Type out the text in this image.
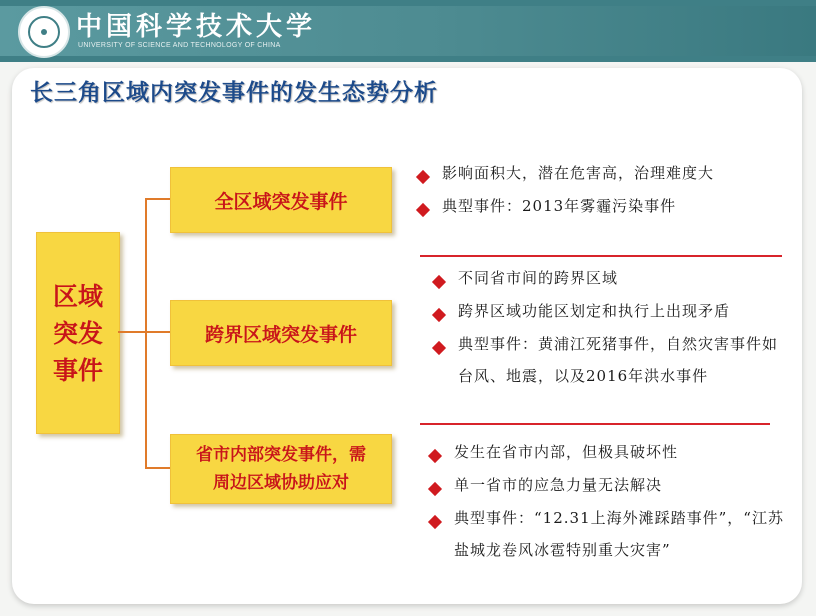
中国科学技术大学
UNIVERSITY OF SCIENCE AND TECHNOLOGY OF CHINA
长三角区域内突发事件的发生态势分析
区域
突发
事件
全区域突发事件
跨界区域突发事件
省市内部突发事件，需
周边区域协助应对
影响面积大，潜在危害高，治理难度大
典型事件：2013年雾霾污染事件
不同省市间的跨界区域
跨界区域功能区划定和执行上出现矛盾
典型事件：黄浦江死猪事件，自然灾害事件如台风、地震，以及2016年洪水事件
发生在省市内部，但极具破坏性
单一省市的应急力量无法解决
典型事件：“12.31上海外滩踩踏事件”，“江苏盐城龙卷风冰雹特别重大灾害”
